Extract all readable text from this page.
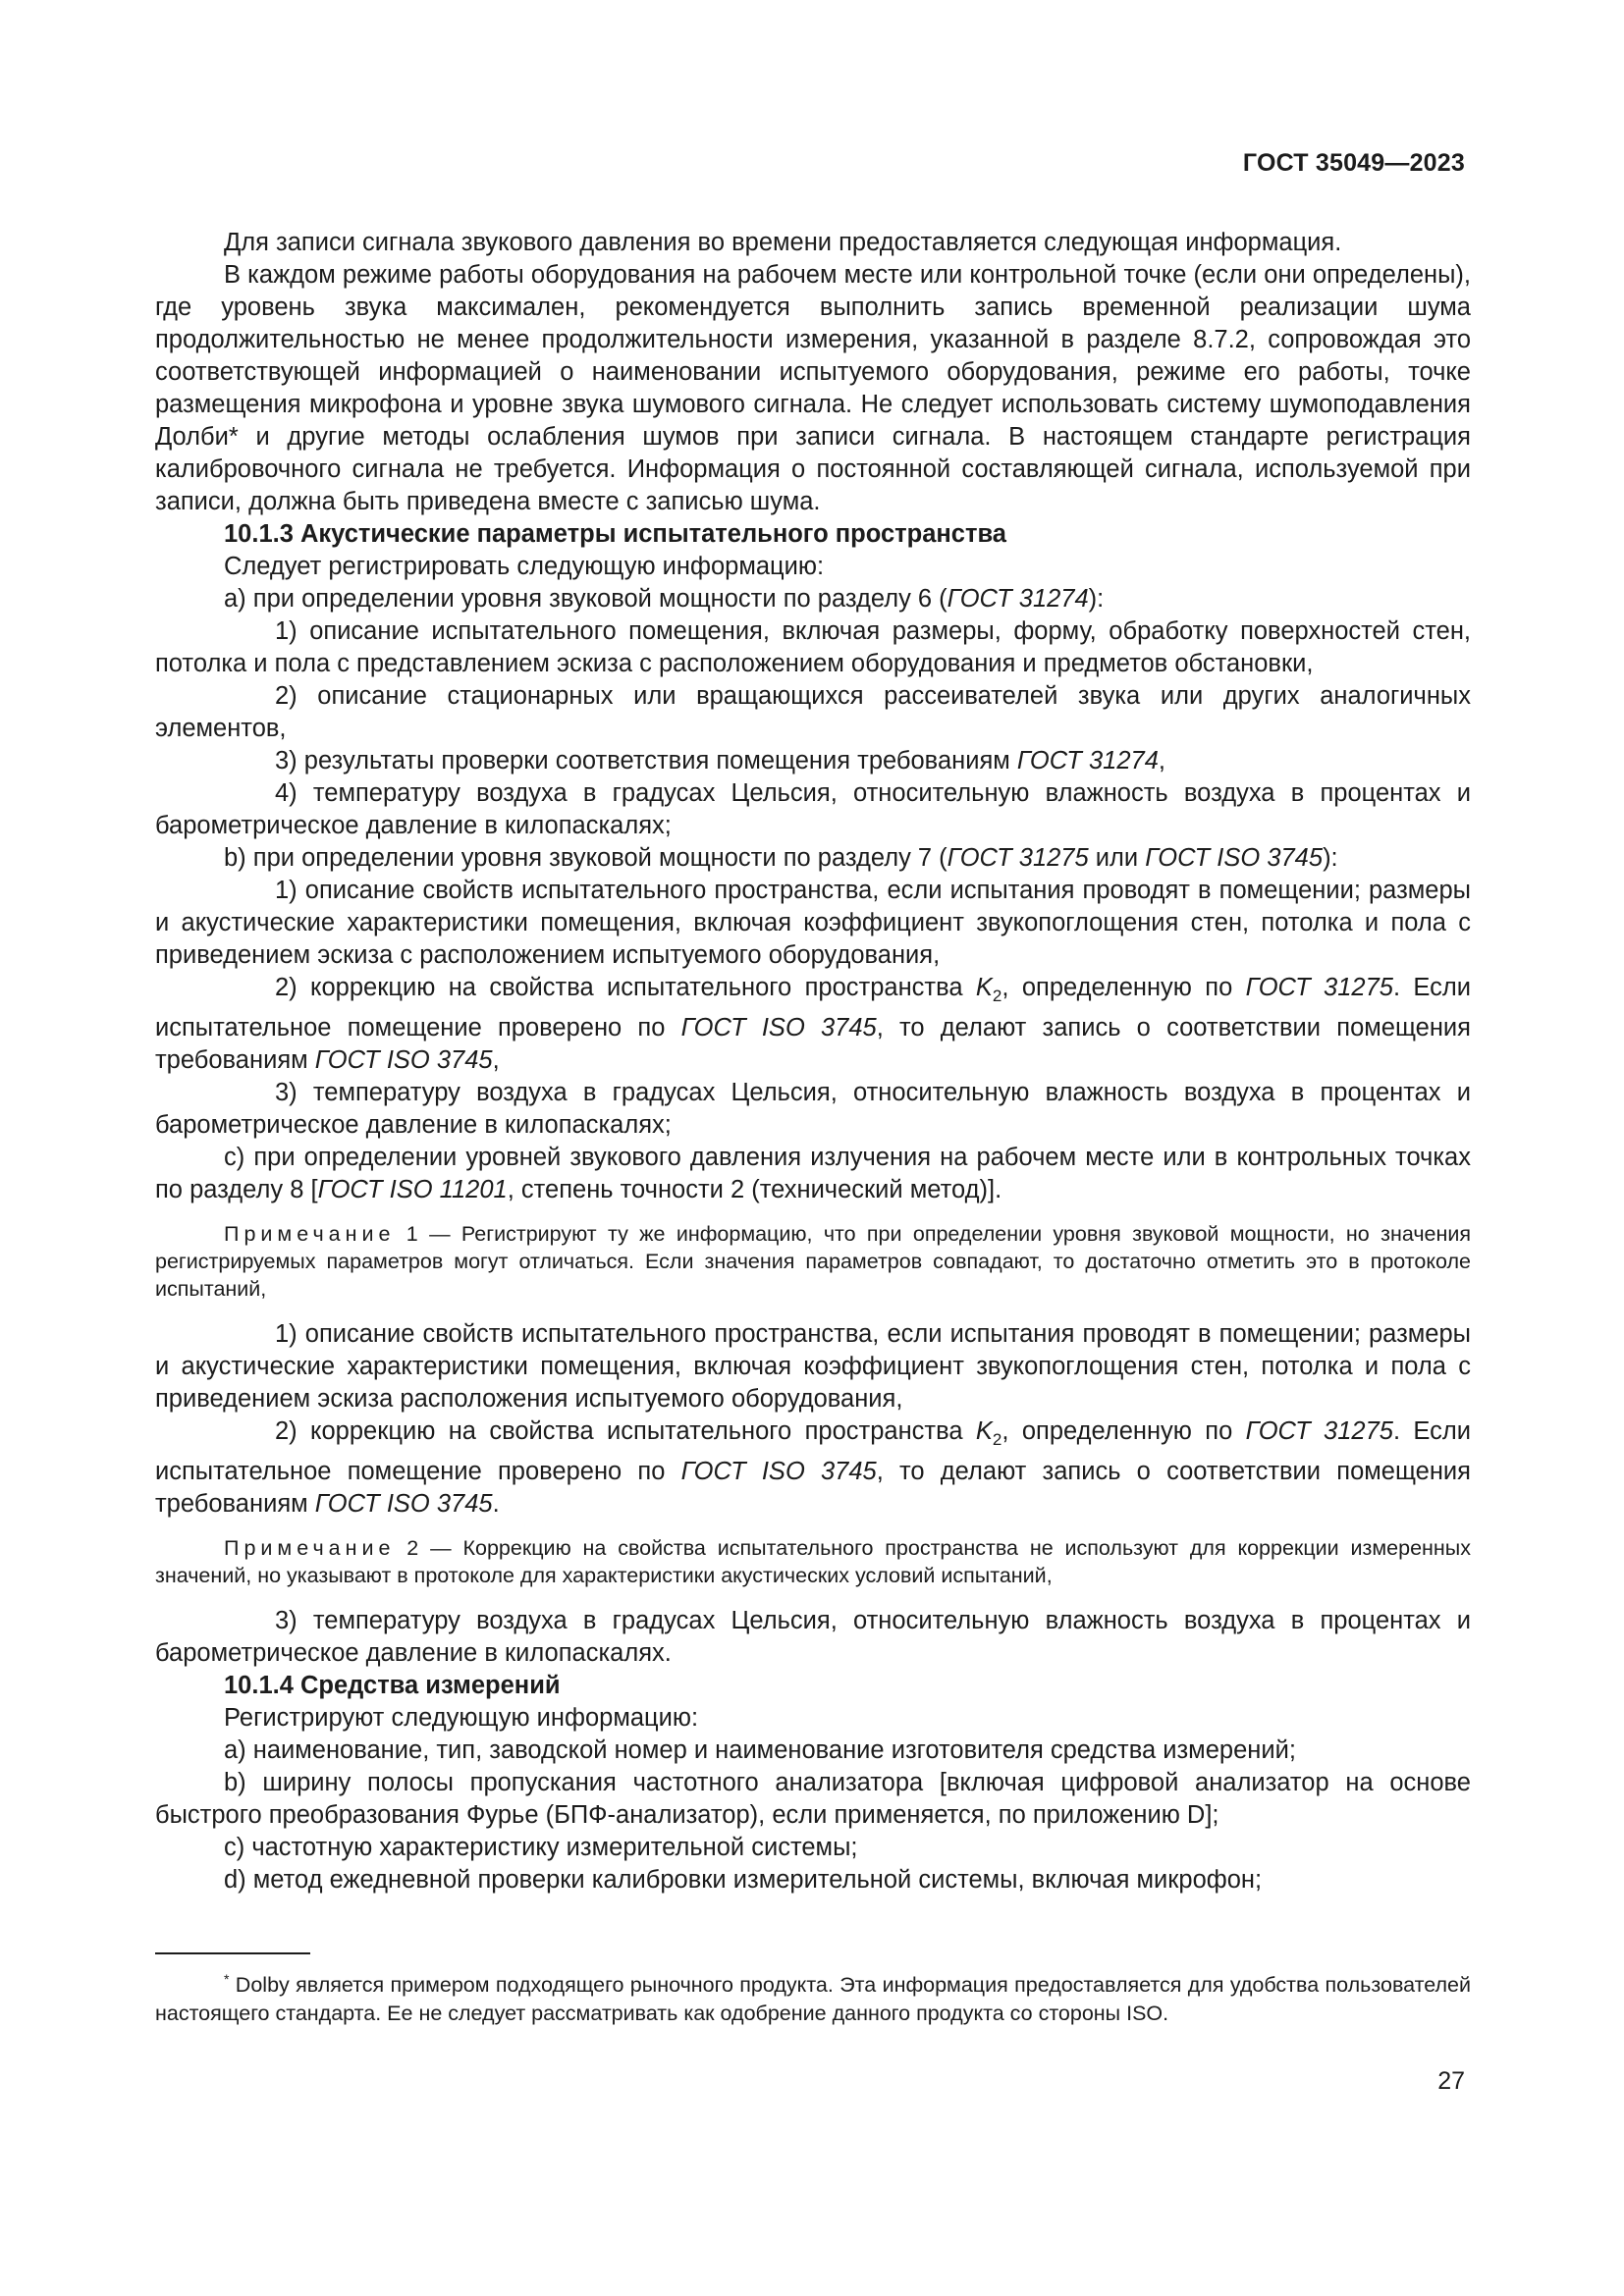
ГОСТ 35049—2023

Для записи сигнала звукового давления во времени предоставляется следующая информация.

В каждом режиме работы оборудования на рабочем месте или контрольной точке (если они определены), где уровень звука максимален, рекомендуется выполнить запись временной реализации шума продолжительностью не менее продолжительности измерения, указанной в разделе 8.7.2, сопровождая это соответствующей информацией о наименовании испытуемого оборудования, режиме его работы, точке размещения микрофона и уровне звука шумового сигнала. Не следует использовать систему шумоподавления Долби* и другие методы ослабления шумов при записи сигнала. В настоящем стандарте регистрация калибровочного сигнала не требуется. Информация о постоянной составляющей сигнала, используемой при записи, должна быть приведена вместе с записью шума.

10.1.3 Акустические параметры испытательного пространства

Следует регистрировать следующую информацию:

а) при определении уровня звуковой мощности по разделу 6 (ГОСТ 31274):

1) описание испытательного помещения, включая размеры, форму, обработку поверхностей стен, потолка и пола с представлением эскиза с расположением оборудования и предметов обстановки,

2) описание стационарных или вращающихся рассеивателей звука или других аналогичных элементов,

3) результаты проверки соответствия помещения требованиям ГОСТ 31274,

4) температуру воздуха в градусах Цельсия, относительную влажность воздуха в процентах и барометрическое давление в килопаскалях;

b) при определении уровня звуковой мощности по разделу 7 (ГОСТ 31275 или ГОСТ ISO 3745):

1) описание свойств испытательного пространства, если испытания проводят в помещении; размеры и акустические характеристики помещения, включая коэффициент звукопоглощения стен, потолка и пола с приведением эскиза с расположением испытуемого оборудования,

2) коррекцию на свойства испытательного пространства $K_2$, определенную по ГОСТ 31275. Если испытательное помещение проверено по ГОСТ ISO 3745, то делают запись о соответствии помещения требованиям ГОСТ ISO 3745,

3) температуру воздуха в градусах Цельсия, относительную влажность воздуха в процентах и барометрическое давление в килопаскалях;

с) при определении уровней звукового давления излучения на рабочем месте или в контрольных точках по разделу 8 [ГОСТ ISO 11201, степень точности 2 (технический метод)].

Примечание 1 — Регистрируют ту же информацию, что при определении уровня звуковой мощности, но значения регистрируемых параметров могут отличаться. Если значения параметров совпадают, то достаточно отметить это в протоколе испытаний,

1) описание свойств испытательного пространства, если испытания проводят в помещении; размеры и акустические характеристики помещения, включая коэффициент звукопоглощения стен, потолка и пола с приведением эскиза расположения испытуемого оборудования,

2) коррекцию на свойства испытательного пространства $K_2$, определенную по ГОСТ 31275. Если испытательное помещение проверено по ГОСТ ISO 3745, то делают запись о соответствии помещения требованиям ГОСТ ISO 3745.

Примечание 2 — Коррекцию на свойства испытательного пространства не используют для коррекции измеренных значений, но указывают в протоколе для характеристики акустических условий испытаний,

3) температуру воздуха в градусах Цельсия, относительную влажность воздуха в процентах и барометрическое давление в килопаскалях.

10.1.4 Средства измерений

Регистрируют следующую информацию:

а) наименование, тип, заводской номер и наименование изготовителя средства измерений;

b) ширину полосы пропускания частотного анализатора [включая цифровой анализатор на основе быстрого преобразования Фурье (БПФ-анализатор), если применяется, по приложению D];

с) частотную характеристику измерительной системы;

d) метод ежедневной проверки калибровки измерительной системы, включая микрофон;

* Dolby является примером подходящего рыночного продукта. Эта информация предоставляется для удобства пользователей настоящего стандарта. Ее не следует рассматривать как одобрение данного продукта со стороны ISO.
27
